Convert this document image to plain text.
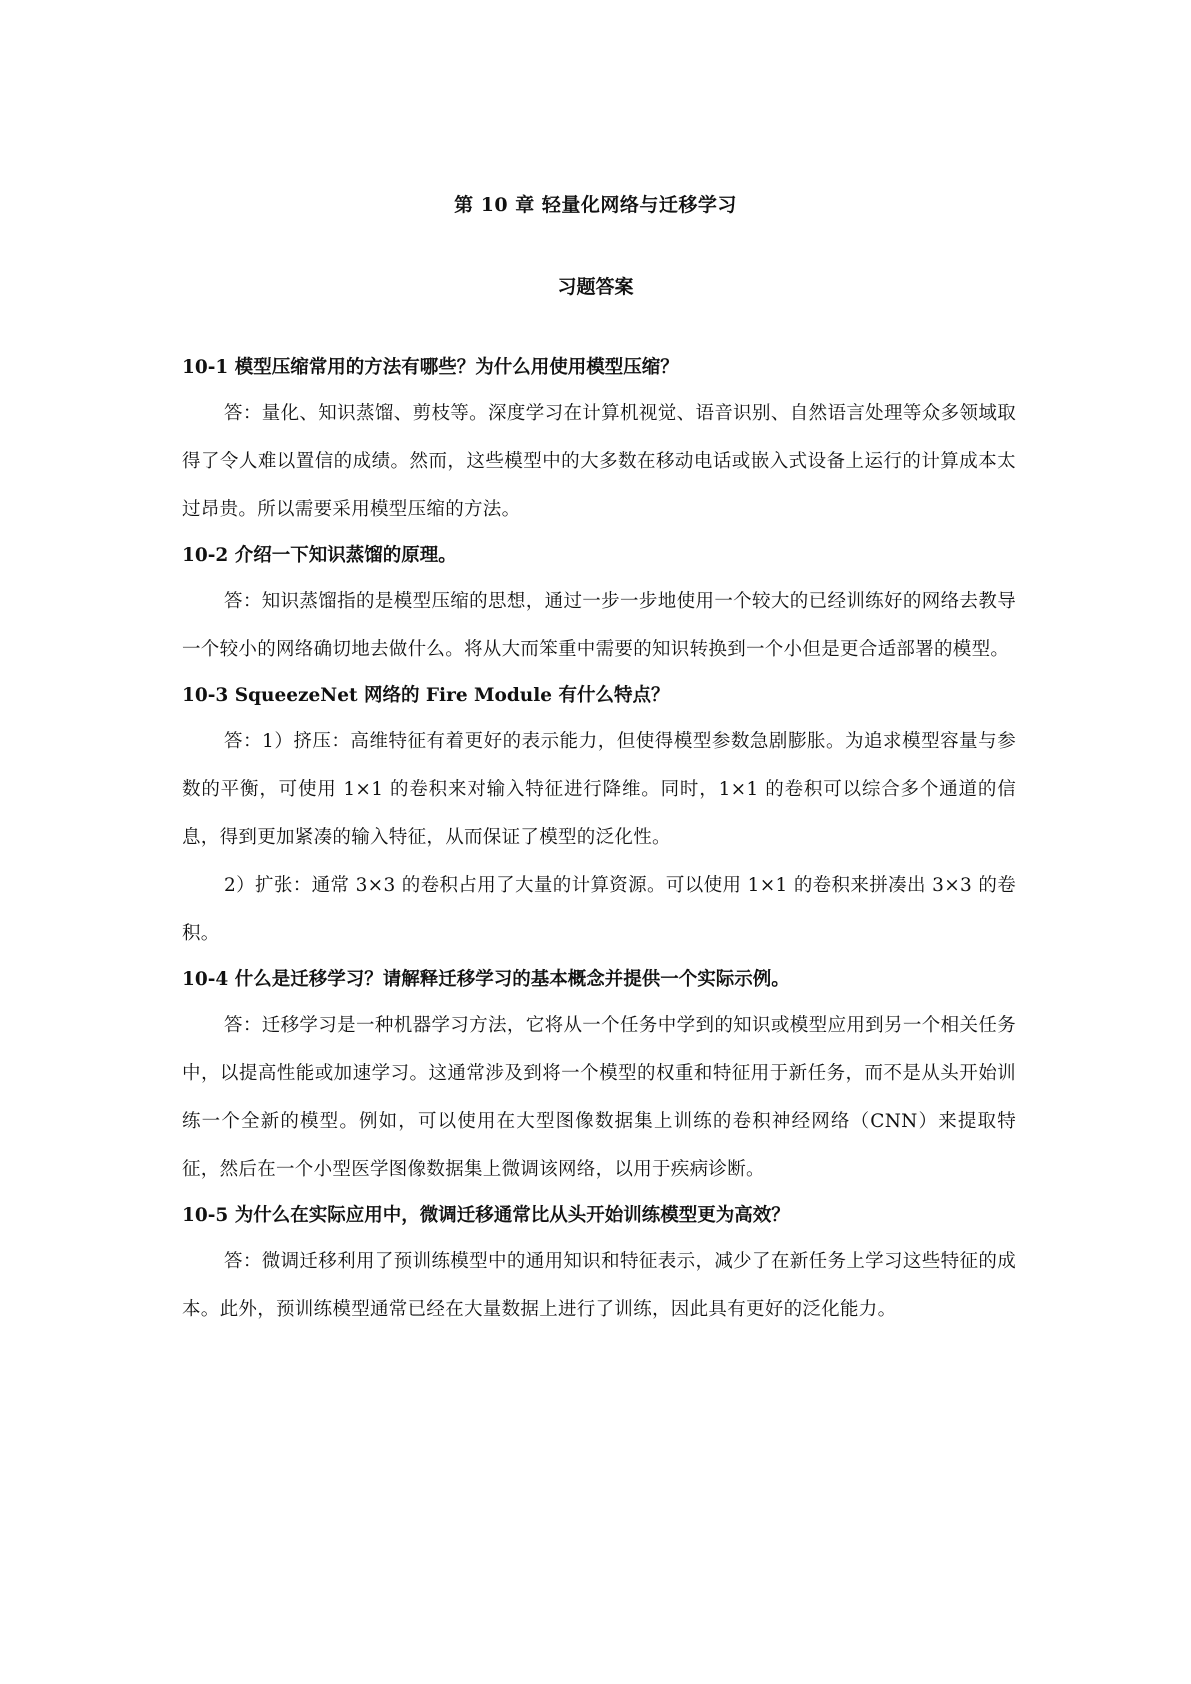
第 10 章 轻量化网络与迁移学习
习题答案

10-1 模型压缩常用的方法有哪些？为什么用使用模型压缩？

答：量化、知识蒸馏、剪枝等。深度学习在计算机视觉、语音识别、自然语言处理等众多领域取得了令人难以置信的成绩。然而，这些模型中的大多数在移动电话或嵌入式设备上运行的计算成本太过昂贵。所以需要采用模型压缩的方法。

10-2 介绍一下知识蒸馏的原理。

答：知识蒸馏指的是模型压缩的思想，通过一步一步地使用一个较大的已经训练好的网络去教导一个较小的网络确切地去做什么。将从大而笨重中需要的知识转换到一个小但是更合适部署的模型。

10-3 SqueezeNet 网络的 Fire Module 有什么特点？

答：1）挤压：高维特征有着更好的表示能力，但使得模型参数急剧膨胀。为追求模型容量与参数的平衡，可使用 1×1 的卷积来对输入特征进行降维。同时，1×1 的卷积可以综合多个通道的信息，得到更加紧凑的输入特征，从而保证了模型的泛化性。

2）扩张：通常 3×3 的卷积占用了大量的计算资源。可以使用 1×1 的卷积来拼凑出 3×3 的卷积。

10-4 什么是迁移学习？请解释迁移学习的基本概念并提供一个实际示例。

答：迁移学习是一种机器学习方法，它将从一个任务中学到的知识或模型应用到另一个相关任务中，以提高性能或加速学习。这通常涉及到将一个模型的权重和特征用于新任务，而不是从头开始训练一个全新的模型。例如，可以使用在大型图像数据集上训练的卷积神经网络（CNN）来提取特征，然后在一个小型医学图像数据集上微调该网络，以用于疾病诊断。

10-5 为什么在实际应用中，微调迁移通常比从头开始训练模型更为高效？

答：微调迁移利用了预训练模型中的通用知识和特征表示，减少了在新任务上学习这些特征的成本。此外，预训练模型通常已经在大量数据上进行了训练，因此具有更好的泛化能力。
